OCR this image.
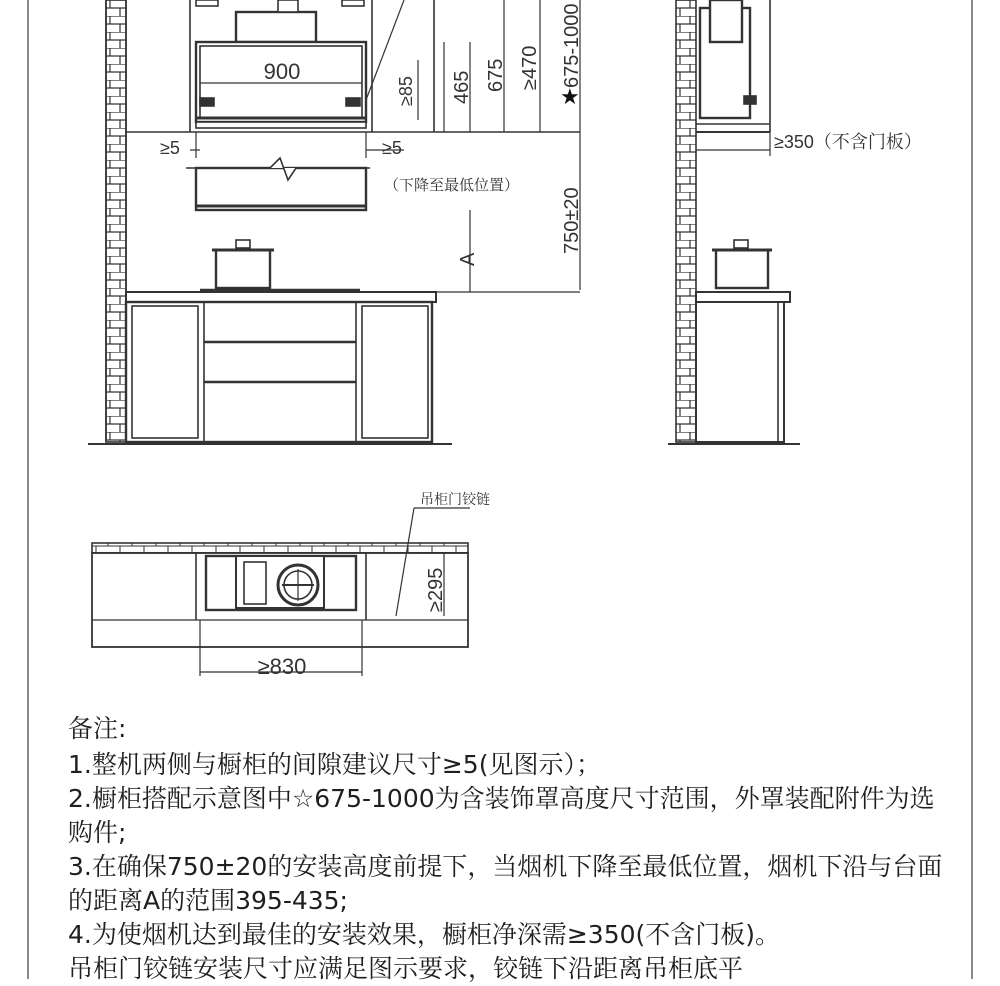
900
≥5	≥5
（下降至最低位置）
≥85 465 675 ≥470 675-1000
★
750±20
A
≥350（不含门板）
吊柜门铰链
≥295
≥830

备注:

1.整机两侧与橱柜的间隙建议尺寸≥5(见图示）；

2.橱柜搭配示意图中☆675-1000为含装饰罩高度尺寸范围，外罩装配附件为选购件;

3.在确保750±20的安装高度前提下，当烟机下降至最低位置，烟机下沿与台面的距离A的范围395-435;

4.为使烟机达到最佳的安装效果，橱柜净深需≥350(不含门板)。

吊柜门铰链安装尺寸应满足图示要求，铰链下沿距离吊柜底平
